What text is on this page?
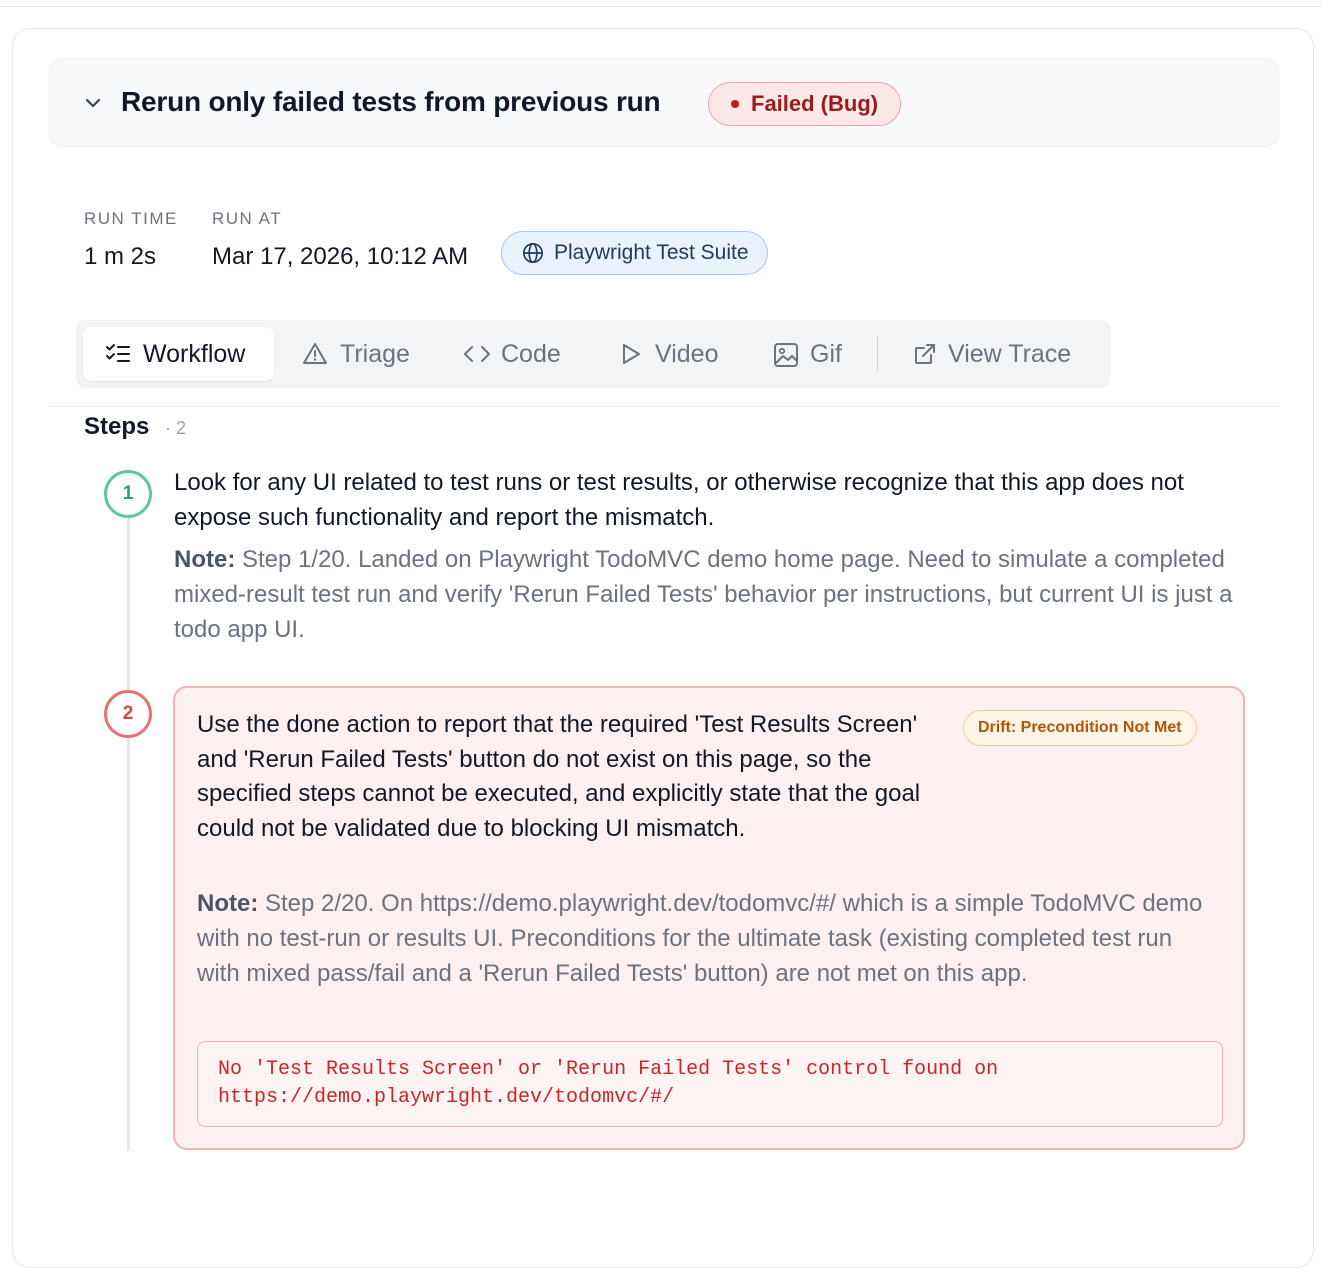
Rerun only failed tests from previous run	Failed (Bug)
RUN TIME RUN AT
1 m 2s Mar 17, 2026, 10:12 AM	Playwright Test Suite
Workflow	Triage	Code	Video	Gif	View Trace
Steps · 2
1	Look for any UI related to test runs or test results, or otherwise recognize that this app does not expose such functionality and report the mismatch.
Note: Step 1/20. Landed on Playwright TodoMVC demo home page. Need to simulate a completed mixed-result test run and verify 'Rerun Failed Tests' behavior per instructions, but current UI is just a todo app UI.
2	Use the done action to report that the required 'Test Results Screen' and 'Rerun Failed Tests' button do not exist on this page, so the specified steps cannot be executed, and explicitly state that the goal could not be validated due to blocking UI mismatch.
Drift: Precondition Not Met
Note: Step 2/20. On https://demo.playwright.dev/todomvc/#/ which is a simple TodoMVC demo with no test-run or results UI. Preconditions for the ultimate task (existing completed test run with mixed pass/fail and a 'Rerun Failed Tests' button) are not met on this app.
No 'Test Results Screen' or 'Rerun Failed Tests' control found on
https://demo.playwright.dev/todomvc/#/
